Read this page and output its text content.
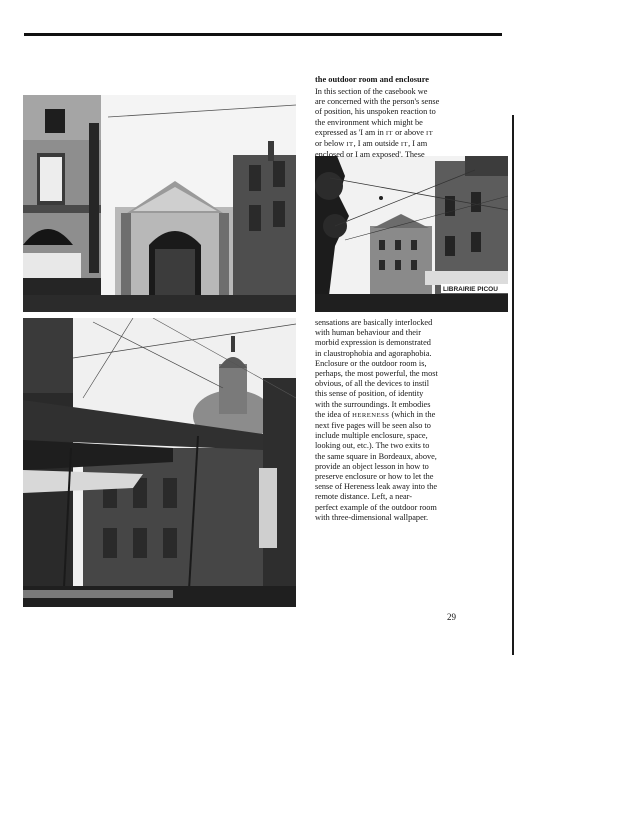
LIBRAIRIE PICOU
the outdoor room and enclosure

In this section of the casebook we
are concerned with the person's sense
of position, his unspoken reaction to
the environment which might be
expressed as 'I am in IT or above IT
or below IT, I am outside IT, I am
enclosed or I am exposed'. These

sensations are basically interlocked
with human behaviour and their
morbid expression is demonstrated
in claustrophobia and agoraphobia.
Enclosure or the outdoor room is,
perhaps, the most powerful, the most
obvious, of all the devices to instil
this sense of position, of identity
with the surroundings. It embodies
the idea of HERENESS (which in the
next five pages will be seen also to
include multiple enclosure, space,
looking out, etc.). The two exits to
the same square in Bordeaux, above,
provide an object lesson in how to
preserve enclosure or how to let the
sense of Hereness leak away into the
remote distance. Left, a near-
perfect example of the outdoor room
with three-dimensional wallpaper.

29
